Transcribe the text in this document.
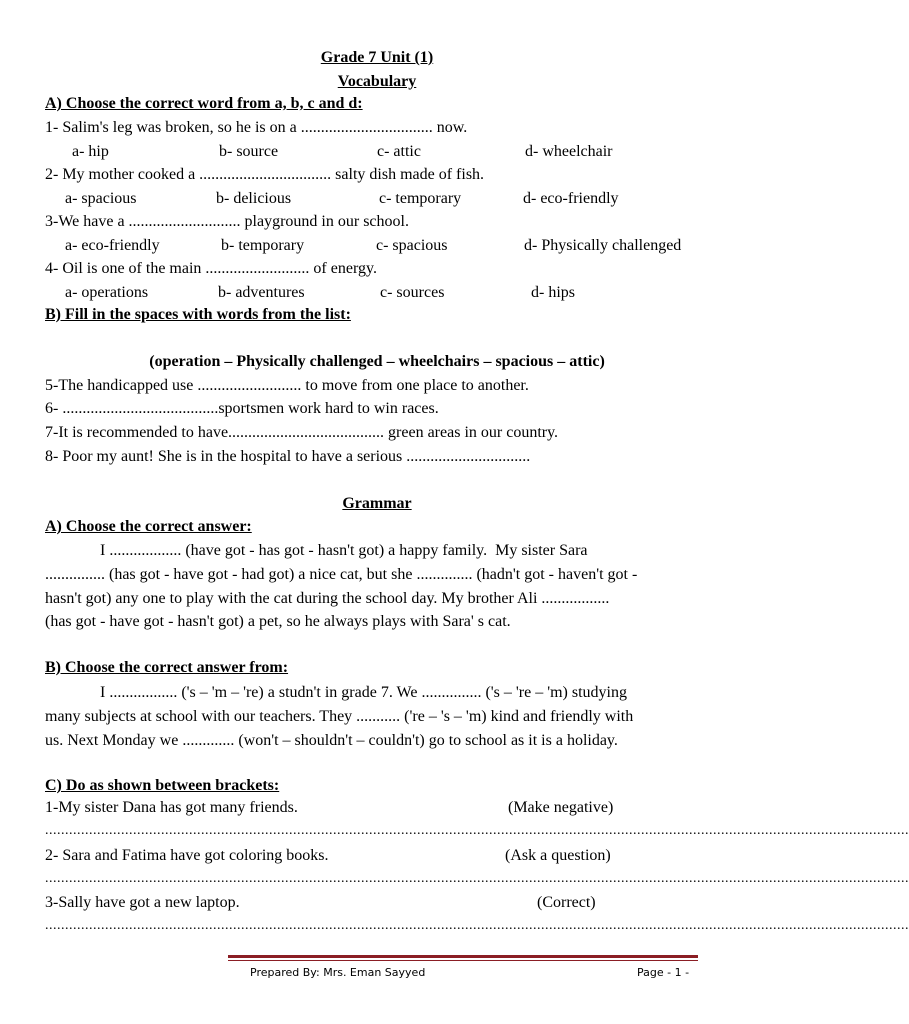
Grade 7 Unit (1)
Vocabulary
A) Choose the correct word from a, b, c and d:
1- Salim's leg was broken, so he is on a ................................. now.
a- hip	b- source	c- attic	d- wheelchair
2- My mother cooked a ................................. salty dish made of fish.
a- spacious	b- delicious	c- temporary	d- eco-friendly
3-We have a ............................ playground in our school.
a- eco-friendly	b- temporary	c- spacious	d- Physically challenged
4- Oil is one of the main .......................... of energy.
a- operations	b- adventures	c- sources	d- hips
B) Fill in the spaces with words from the list:
(operation – Physically challenged – wheelchairs – spacious – attic)
5-The handicapped use .......................... to move from one place to another.
6- .......................................sportsmen work hard to win races.
7-It is recommended to have....................................... green areas in our country.
8- Poor my aunt! She is in the hospital to have a serious ...............................
Grammar
A) Choose the correct answer:
I .................. (have got - has got - hasn't got) a happy family.  My sister Sara
............... (has got - have got - had got) a nice cat, but she .............. (hadn't got - haven't got -
hasn't got) any one to play with the cat during the school day. My brother Ali .................
(has got - have got - hasn't got) a pet, so he always plays with Sara' s cat.
B) Choose the correct answer from:
I ................. ('s – 'm – 're) a studn't in grade 7. We ............... ('s – 're – 'm) studying
many subjects at school with our teachers. They ........... ('re – 's – 'm) kind and friendly with
us. Next Monday we ............. (won't – shouldn't – couldn't) go to school as it is a holiday.
C) Do as shown between brackets:
1-My sister Dana has got many friends.	(Make negative)
........................................................................................................................................................................................................................
2- Sara and Fatima have got coloring books.	(Ask a question)
........................................................................................................................................................................................................................
3-Sally have got a new laptop.	(Correct)
........................................................................................................................................................................................................................
Prepared By: Mrs. Eman Sayyed	Page - 1 -
